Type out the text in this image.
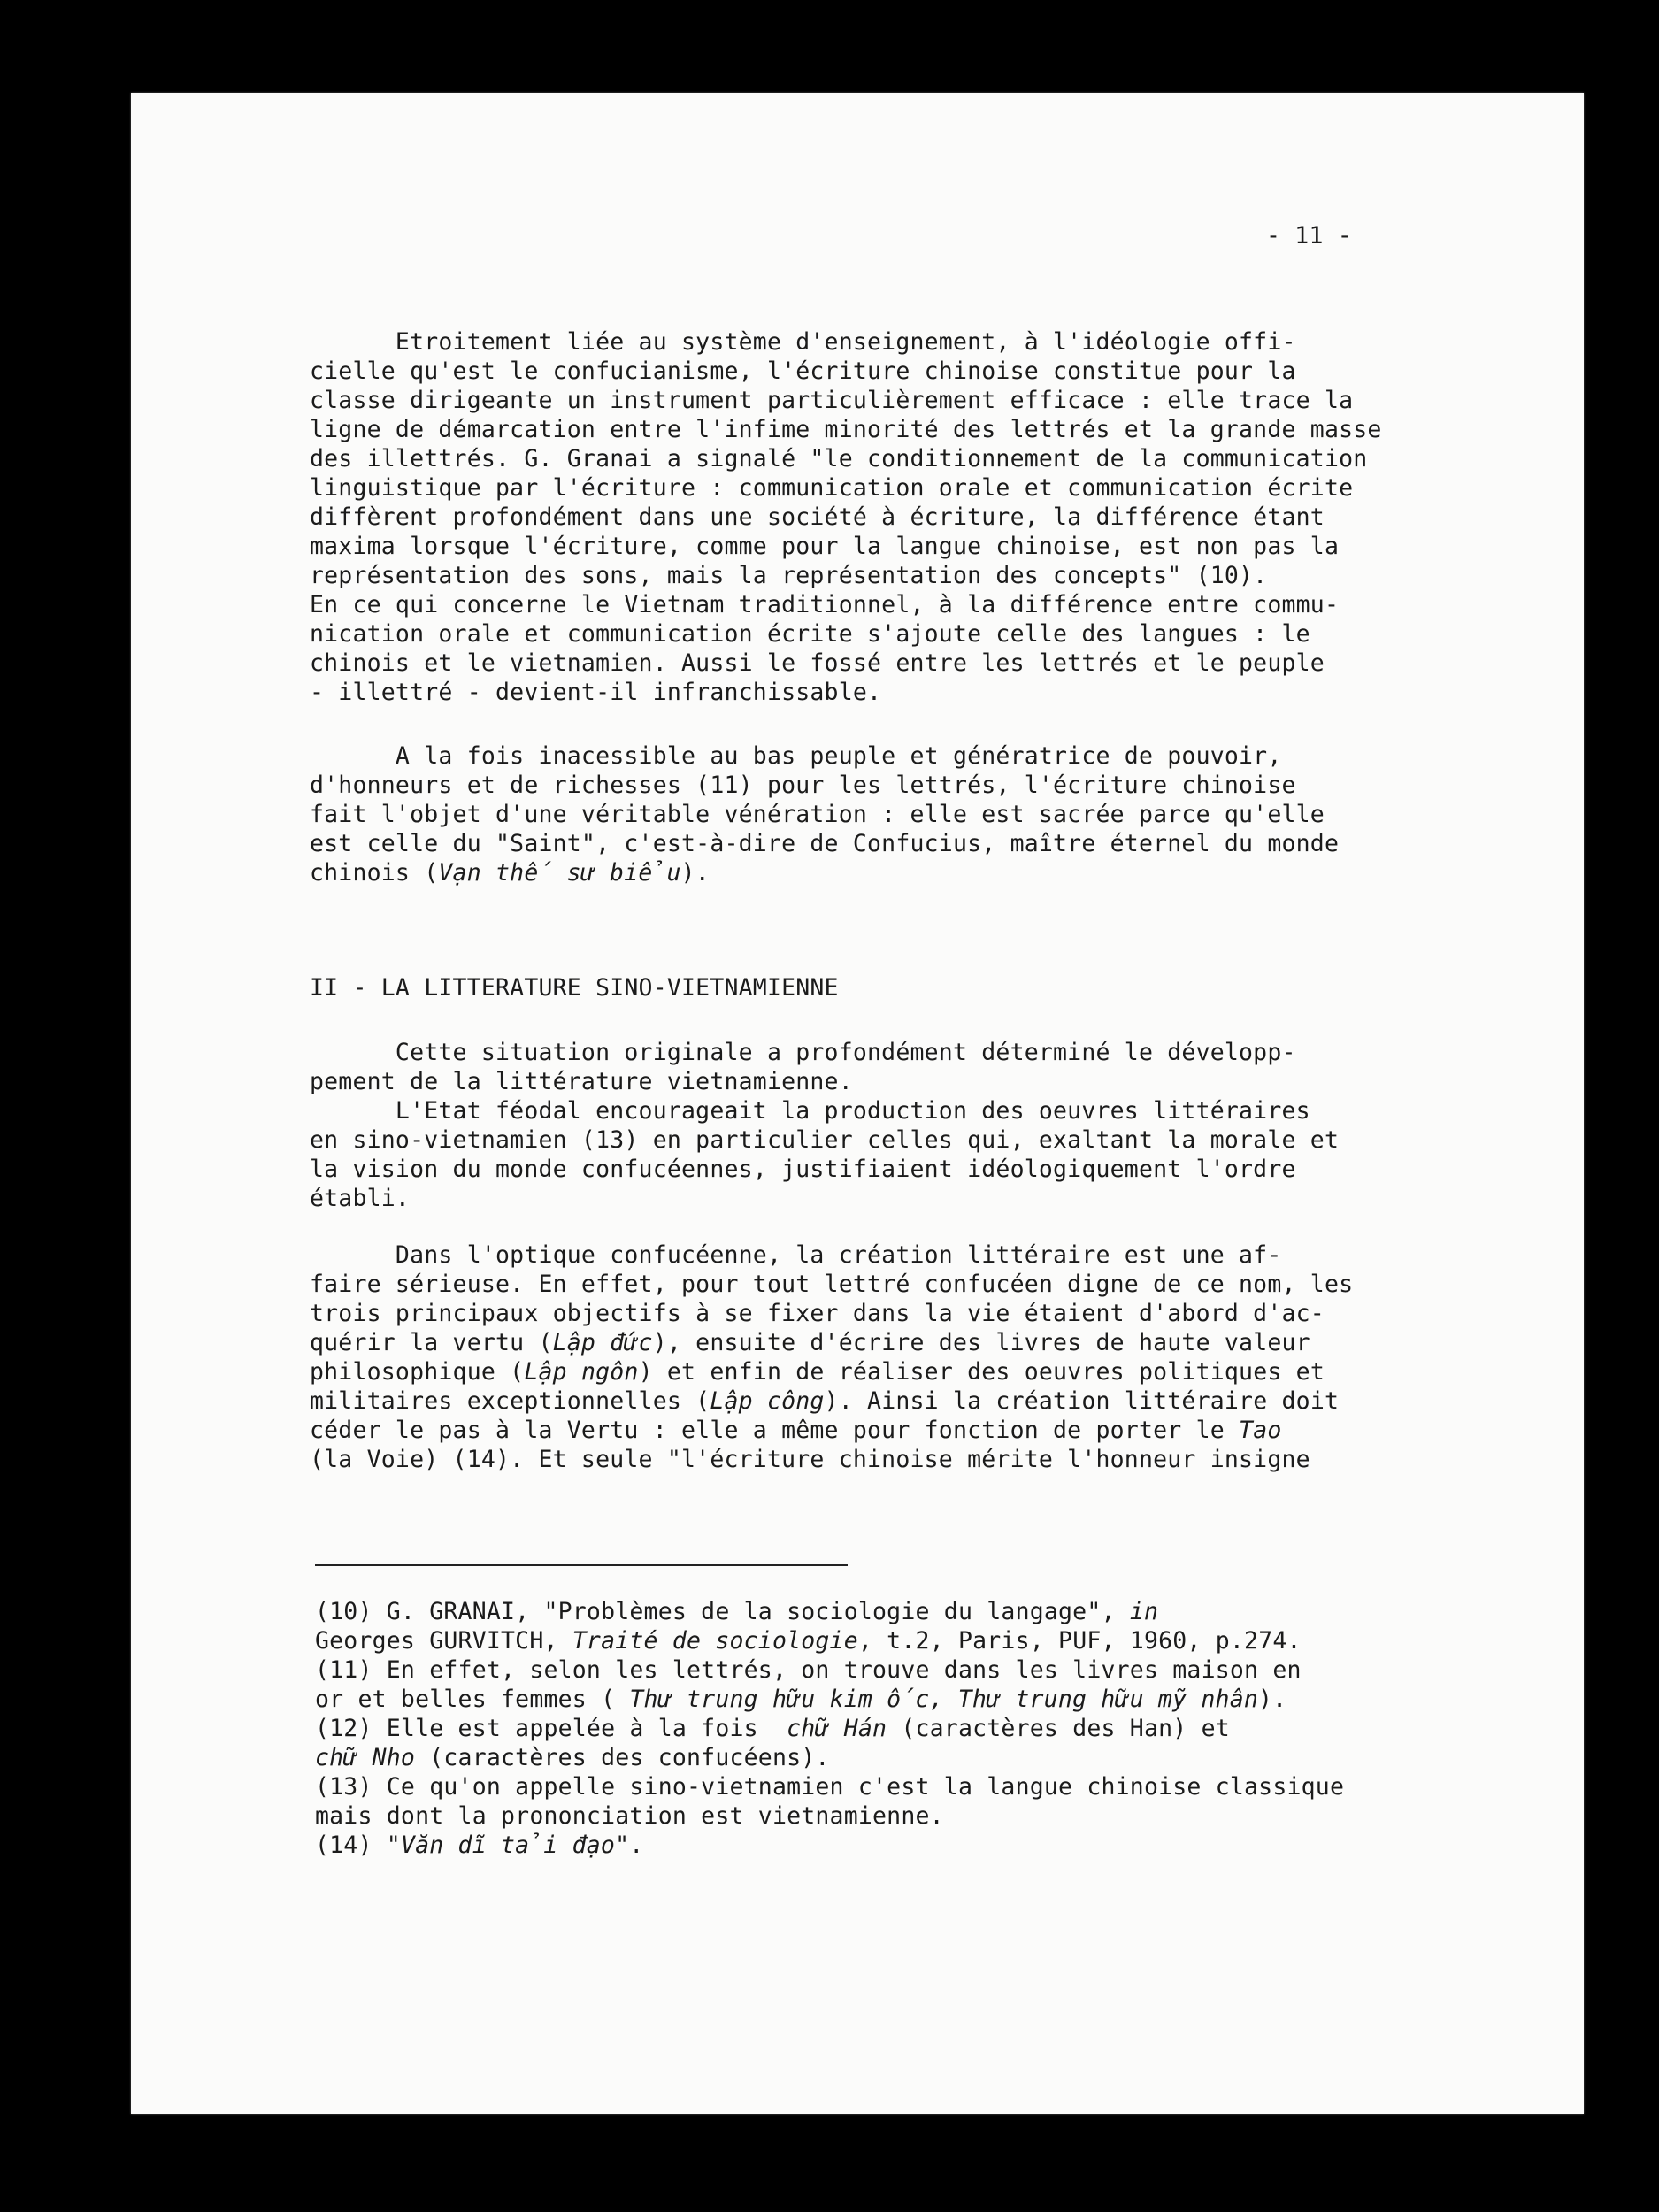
- 11 -
Etroitement liée au système d'enseignement, à l'idéologie offi-
cielle qu'est le confucianisme, l'écriture chinoise constitue pour la
classe dirigeante un instrument particulièrement efficace : elle trace la
ligne de démarcation entre l'infime minorité des lettrés et la grande masse
des illettrés. G. Granai a signalé "le conditionnement de la communication
linguistique par l'écriture : communication orale et communication écrite
diffèrent profondément dans une société à écriture, la différence étant
maxima lorsque l'écriture, comme pour la langue chinoise, est non pas la
représentation des sons, mais la représentation des concepts" (10).
En ce qui concerne le Vietnam traditionnel, à la différence entre commu-
nication orale et communication écrite s'ajoute celle des langues : le
chinois et le vietnamien. Aussi le fossé entre les lettrés et le peuple
- illettré - devient-il infranchissable.
A la fois inacessible au bas peuple et génératrice de pouvoir,
d'honneurs et de richesses (11) pour les lettrés, l'écriture chinoise
fait l'objet d'une véritable vénération : elle est sacrée parce qu'elle
est celle du "Saint", c'est-à-dire de Confucius, maître éternel du monde
chinois (Vạn thế sư biểu).
II - LA LITTERATURE SINO-VIETNAMIENNE
Cette situation originale a profondément déterminé le développ-
pement de la littérature vietnamienne.
L'Etat féodal encourageait la production des oeuvres littéraires
en sino-vietnamien (13) en particulier celles qui, exaltant la morale et
la vision du monde confucéennes, justifiaient idéologiquement l'ordre
établi.
Dans l'optique confucéenne, la création littéraire est une af-
faire sérieuse. En effet, pour tout lettré confucéen digne de ce nom, les
trois principaux objectifs à se fixer dans la vie étaient d'abord d'ac-
quérir la vertu (Lập đức), ensuite d'écrire des livres de haute valeur
philosophique (Lập ngôn) et enfin de réaliser des oeuvres politiques et
militaires exceptionnelles (Lập công). Ainsi la création littéraire doit
céder le pas à la Vertu : elle a même pour fonction de porter le Tao
(la Voie) (14). Et seule "l'écriture chinoise mérite l'honneur insigne
(10) G. GRANAI, "Problèmes de la sociologie du langage", in
Georges GURVITCH, Traité de sociologie, t.2, Paris, PUF, 1960, p.274.
(11) En effet, selon les lettrés, on trouve dans les livres maison en
or et belles femmes ( Thư trung hữu kim ốc, Thư trung hữu mỹ nhân).
(12) Elle est appelée à la fois  chữ Hán (caractères des Han) et
chữ Nho (caractères des confucéens).
(13) Ce qu'on appelle sino-vietnamien c'est la langue chinoise classique
mais dont la prononciation est vietnamienne.
(14) "Văn dĩ tải đạo".
